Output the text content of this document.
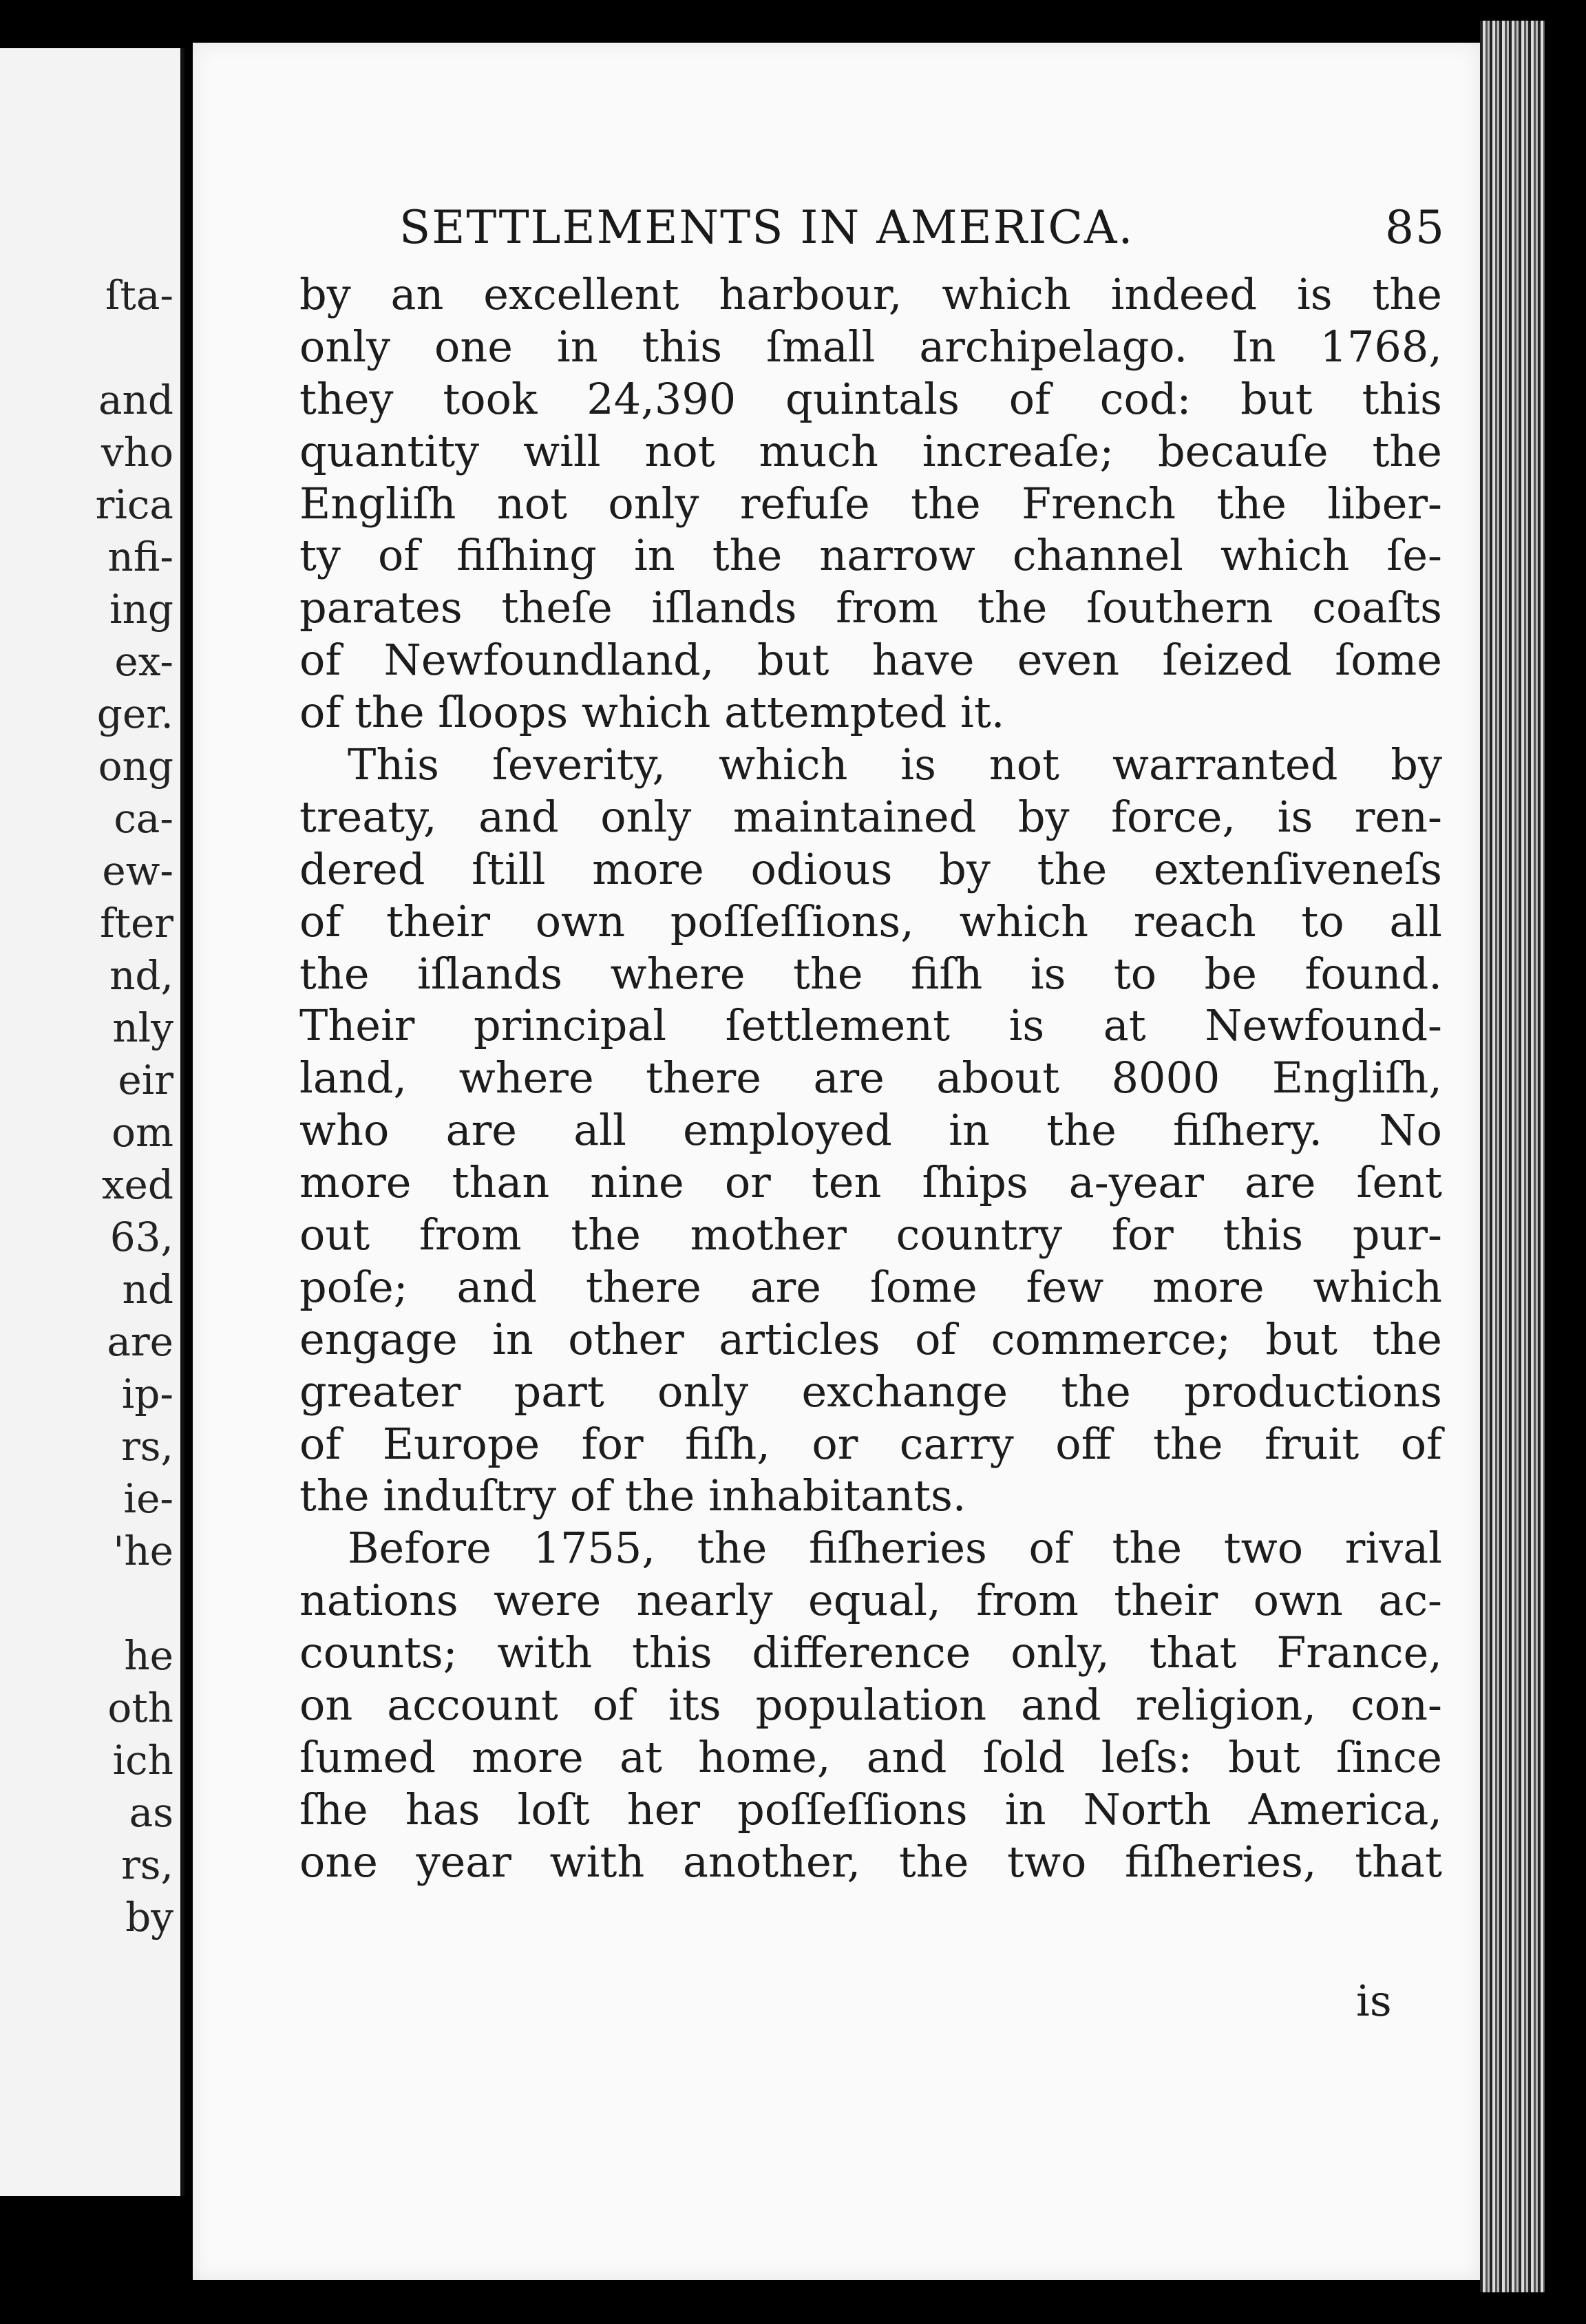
ſta-
and
vho
rica
nfi-
ing
ex-
ger.
ong
ca-
ew-
fter
nd,
nly
eir
om
xed
63,
nd
are
ip-
rs,
ie-
'he
he
oth
ich
as
rs,
by
SETTLEMENTS IN AMERICA.	85
by an excellent harbour, which indeed is the
only one in this ſmall archipelago. In 1768,
they took 24,390 quintals of cod: but this
quantity will not much increaſe; becauſe the
Engliſh not only refuſe the French the liber-
ty of fiſhing in the narrow channel which ſe-
parates theſe iſlands from the ſouthern coaſts
of Newfoundland, but have even ſeized ſome
of the ſloops which attempted it.
This ſeverity, which is not warranted by
treaty, and only maintained by force, is ren-
dered ſtill more odious by the extenſiveneſs
of their own poſſeſſions, which reach to all
the iſlands where the fiſh is to be found.
Their principal ſettlement is at Newfound-
land, where there are about 8000 Engliſh,
who are all employed in the fiſhery. No
more than nine or ten ſhips a-year are ſent
out from the mother country for this pur-
poſe; and there are ſome few more which
engage in other articles of commerce; but the
greater part only exchange the productions
of Europe for fiſh, or carry off the fruit of
the induſtry of the inhabitants.
Before 1755, the fiſheries of the two rival
nations were nearly equal, from their own ac-
counts; with this difference only, that France,
on account of its population and religion, con-
ſumed more at home, and ſold leſs: but ſince
ſhe has loſt her poſſeſſions in North America,
one year with another, the two fiſheries, that
is
